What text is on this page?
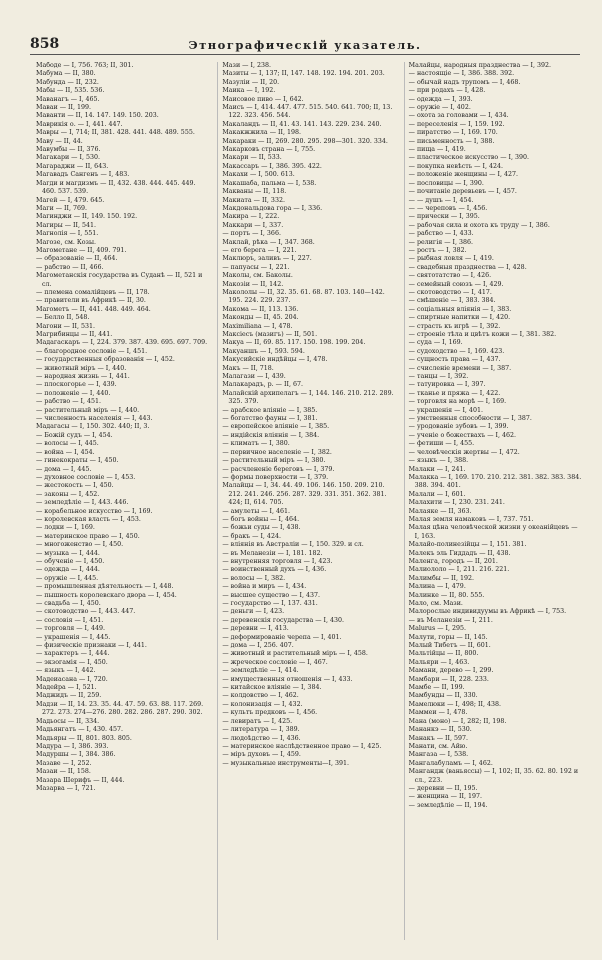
858	Этнографическій указатель.

Мабоде — I, 756. 763; II, 301.

Мабума — II, 380.

Мабунда — II, 232.

Мабы — II, 535. 536.

Маванагъ — I, 465.

Маваи — II, 199.

Маванти — II, 14. 147. 149. 150. 203.

Маврикія о. — I, 441. 447.

Мавры — I, 714; II, 381. 428. 441. 448. 489. 555.

Маву — II, 44.

Мавумбы — II, 376.

Магакари — I, 530.

Магараджи — II, 643.

Магавадъ Сангенъ — I, 483.

Магди и магдизмъ — II, 432. 438. 444. 445. 449. 460. 537. 539.

Магей — I, 479. 645.

Маги — II, 769.

Магинджи — II, 149. 150. 192.

Магиры — II, 541.

Магнолія — I, 551.

Магозе, см. Козы.

Магометане — II, 409. 791.

— образованіе — II, 464.

— рабство — II, 466.

Магометанскія государства въ Суданѣ — II, 521 и сл.

— племена сомалійцевъ — II, 178.

— правители въ Африкѣ — II, 30.

Магометъ — II, 441. 448. 449. 464.

— Белло II, 548.

Магони — II, 531.

Магрибинцы — II, 441.

Мадагаскаръ — I, 224. 379. 387. 439. 695. 697. 709.

— благородное сословіе — I, 451.

— государственныя образованія — I, 452.

— животный міръ — I, 440.

— народная жизнь — I, 441.

— плоскогорье — I, 439.

— положеніе — I, 440.

— рабство — I, 451.

— растительный міръ — I, 440.

— численность населенія — I, 443.

Мадагасы — I, 150. 302. 440; II, 3.

— Божій судъ — I, 454.

— волосы — I, 445.

— война — I, 454.

— гинекократы — I, 450.

— дома — I, 445.

— духовное сословіе — I, 453.

— жестокость — I, 450.

— законы — I, 452.

— земледѣліе — I, 443. 446.

— корабельное искусство — I, 169.

— королевская власть — I, 453.

— лодки — I, 169.

— материнское право — I, 450.

— многоженство — I, 450.

— музыка — I, 444.

— обученіе — I, 450.

— одежда — I, 444.

— оружіе — I, 445.

— промышленная дѣятельность — I, 448.

— пышность королевскаго двора — I, 454.

— свадьба — I, 450.

— скотоводство — I, 443. 447.

— сословія — I, 451.

— торговля — I, 449.

— украшенія — I, 445.

— физическіе признаки — I, 441.

— характеръ — I, 444.

— экзогамія — I, 450.

— языкъ — I, 442.

Мадеиасана — I, 720.

Мадейра — I, 521.

Маджидъ — II, 259.

Мадзи — II, 14. 23. 35. 44. 47. 59. 63. 88. 117. 269. 272. 273. 274—276. 280. 282. 286. 287. 290. 302.

Мадьосы — II, 334.

Мадьянгатъ — I, 430. 457.

Мадьяры — II, 801. 803. 805.

Мадура — I, 386. 393.

Мадуршы — I, 384. 386.

Мазаве — I, 252.

Мазаи — II, 158.

Мазара Шерифъ — II, 444.

Мазарва — I, 721.

Мази — I, 238.

Мазиты — I, 137; II, 147. 148. 192. 194. 201. 203.

Мазуліи — II, 20.

Маика — I, 192.

Маисовое пиво — I, 642.

Маисъ — I, 414. 447. 477. 515. 540. 641. 700; II, 13. 122. 323. 456. 544.

Макаландъ — II, 41. 43. 141. 143. 229. 234. 240.

Макакжжила — II, 198.

Макараки — II, 269. 280. 295. 298—301. 320. 334.

Макарковъ страна — I, 755.

Макари — II, 533.

Макассаръ — I, 386. 395. 422.

Макахи — I, 500. 613.

Макашаба, пальма — I, 538.

Макваны — II, 118.

Макиата — II, 332.

Макдональдова гора — I, 336.

Макира — I, 222.

Маккари — I, 337.

— портъ — I, 366.

Маклай, рѣка — I, 347. 368.

— его берега — I, 221.

Маклюръ, заливъ — I, 227.

— папуасы — I, 221.

Маколы, см. Баколы.

Макозіи — II, 142.

Макололы — II, 32. 35. 61. 68. 87. 103. 140—142. 195. 224. 229. 237.

Макома — II, 113. 136.

Маконды — II, 45. 204.

Maximiliana — I, 478.

Максіесъ (мазигъ) — II, 501.

Макуа — II, 69. 85. 117. 150. 198. 199. 204.

Макуаншъ — I, 593. 594.

Макусийскіе индѣйцы — I, 478.

Макъ — II, 718.

Малагази — I, 439.

Малакарадъ, р. — II, 67.

Малайскій архипелагъ — I, 144. 146. 210. 212. 289. 325. 379.

— арабское вліяніе — I, 385.

— богатство фауны — I, 381.

— европейское вліяніе — I, 385.

— индійскія вліянія — I, 384.

— климатъ — I, 380.

— первичное населеніе — I, 382.

— растительный міръ — I, 380.

— расчлененіе береговъ — I, 379.

— формы поверхности — I, 379.

Малайцы — I, 34. 44. 49. 106. 146. 150. 209. 210. 212. 241. 246. 256. 287. 329. 331. 351. 362. 381. 424; II, 614. 705.

— амулеты — I, 461.

— богъ войны — I, 464.

— божьи суды — I, 438.

— бракъ — I, 424.

— вліянія въ Австраліи — I, 150. 329. и сл.

— въ Меланезіи — I, 181. 182.

— внутренняя торговля — I, 423.

— воинственный духъ — I, 436.

— волосы — I, 382.

— война и миръ — I, 434.

— высшее существо — I, 437.

— государство — I, 137. 431.

— деньги — I, 423.

— деревенскія государства — I, 430.

— деревни — I, 413.

— деформированіе черепа — I, 401.

— дома — I, 256. 407.

— животный и растительный міръ — I, 458.

— жреческое сословіе — I, 467.

— земледѣліе — I, 414.

— имущественныя отношенія — I, 433.

— китайское вліяніе — I, 384.

— колдовство — I, 462.

— колонизація — I, 432.

— культъ предковъ — I, 456.

— левиратъ — I, 425.

— литература — I, 389.

— людоѣдство — I, 436.

— материнское наслѣдственное право — I, 425.

— міръ духовъ — I, 459.

— музыкальные инструменты—I, 391.

Малайцы, народныя празднества — I, 392.

— настоящіе — I, 386. 388. 392.

— обычай надъ трупомъ — I, 468.

— при родахъ — I, 428.

— одежда — I, 393.

— оружіе — I, 402.

— охота за головами — I, 434.

— переселенія — I, 159. 192.

— пиратство — I, 169. 170.

— письменность — I, 388.

— пища — I, 419.

— пластическое искусство — I, 390.

— покупка невѣсть — I, 424.

— положеніе женщины — I, 427.

— пословицы — I, 390.

— почитаніе деревьевъ — I, 457.

— — душъ — I, 454.

— — череповъ — I, 456.

— прически — I, 395.

— рабочая сила и охота къ труду — I, 386.

— рабство — I, 433.

— религія — I, 386.

— ростъ — I, 382.

— рыбная ловля — I, 419.

— свадебныя празднества — I, 428.

— святотатство — I, 426.

— семейный союзъ — I, 429.

— скотоводство — I, 417.

— смѣшеніе — I, 383. 384.

— соціальныя вліянія — I, 383.

— спиртные напитки — I, 420.

— страсть къ игрѣ — I, 392.

— строеніе тѣла и цвѣтъ кожи — I, 381. 382.

— суда — I, 169.

— судоходство — I, 169. 423.

— сущность права — I, 437.

— счисленіе времени — I, 387.

— танцы — I, 392.

— татуировка — I, 397.

— тканье и пряжа — I, 422.

— торговля на морѣ — I, 169.

— украшенія — I, 401.

— умственныя способности — I, 387.

— уродованіе зубовъ — I, 399.

— ученіе о божествахъ — I, 462.

— фетиши — I, 455.

— человѣческія жертвы — I, 472.

— языкъ — I, 388.

Малаки — I, 241.

Малакка — I, 169. 170. 210. 212. 381. 382. 383. 384. 388. 394. 401.

Малали — I, 601.

Малахити — I, 230. 231. 241.

Малаяке — II, 363.

Малая земля намаковъ — I, 737. 751.

Малая цѣна человѣческой жизни у океанійцевъ — I, 163.

Малайо-полинезійцы — I, 151. 381.

Малекъ эль Гиддадъ — II, 438.

Маленга, городъ — II, 201.

Малиололо — I, 211. 216. 221.

Малимбы — II, 192.

Малина — I, 479.

Малинке — II, 80. 555.

Мало, см. Мази.

Малорослые индивидуумы въ Африкѣ — I, 753.

— въ Меланезіи — I, 211.

Malurus — I, 295.

Малути, горы — II, 145.

Малый Тибетъ — II, 601.

Мальтійцы — II, 800.

Мальяри — I, 463.

Мамани, дерево — I, 299.

Мамбари — II, 228. 233.

Мамбе — II, 199.

Мамбунды — II, 330.

Мамелюки — I, 498; II, 438.

Маммеи — I, 478.

Мана (моно) — I, 282; II, 198.

Мананкэ — II, 530.

Манакъ — II, 597.

Манати, см. Айю.

Мангаза — I, 538.

Мангалабуламъ — I, 462.

Мангандж (ваньяссы) — I, 102; II, 35. 62. 80. 192 и сл., 223.

— деревни — II, 195.

— женщина — II, 197.

— земледѣліе — II, 194.
